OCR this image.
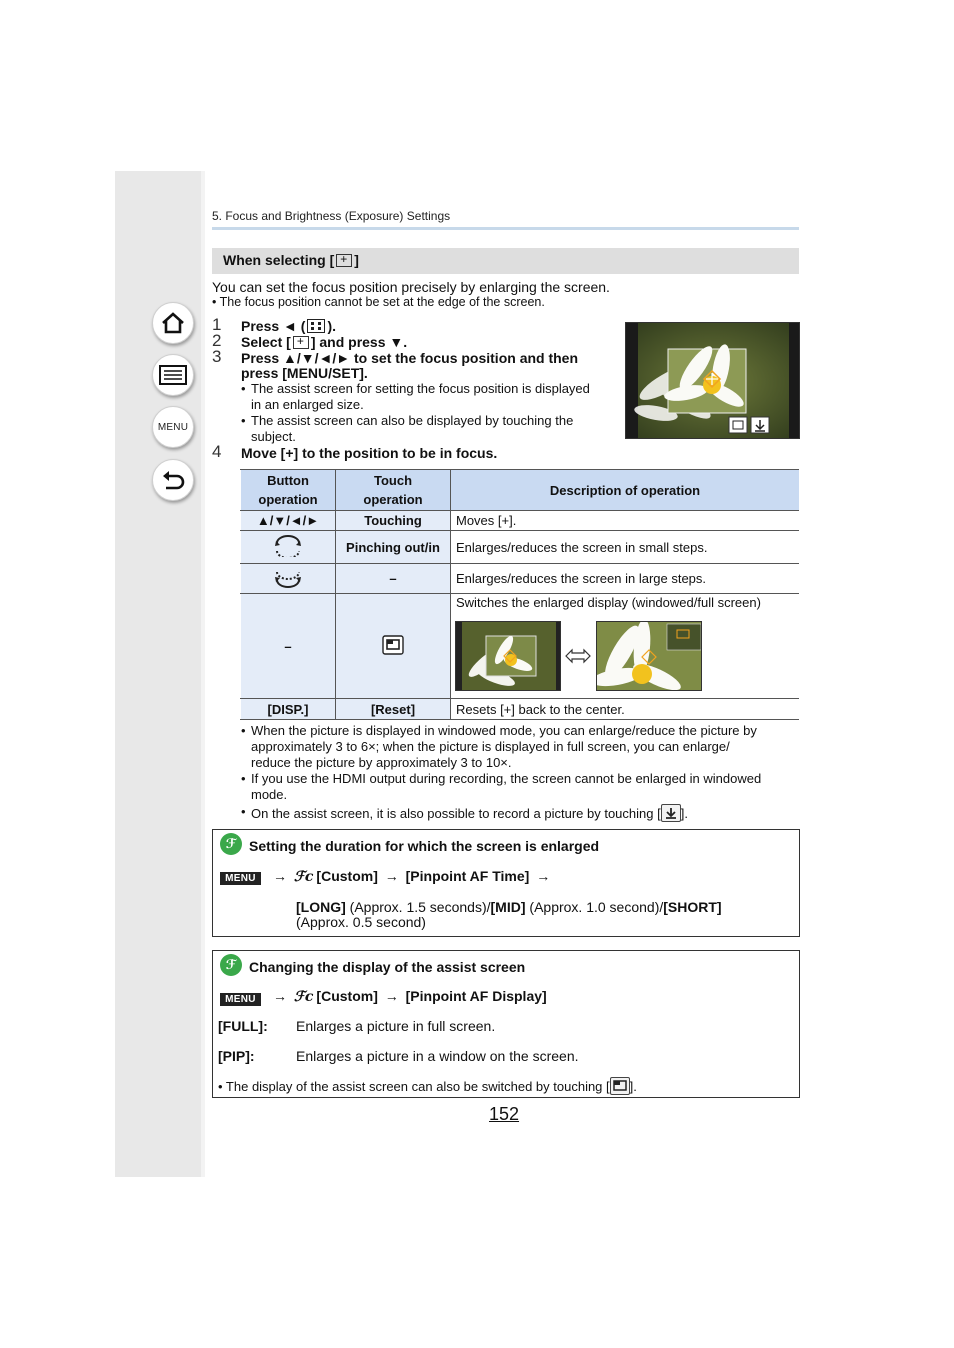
MENU
5. Focus and Brightness (Exposure) Settings
When selecting [ + ]
You can set the focus position precisely by enlarging the screen.
• The focus position cannot be set at the edge of the screen.
1 Press ◄ ( ).
2 Select [ + ] and press ▼.
3 Press ▲/▼/◄/► to set the focus position and then
press [MENU/SET].
• The assist screen for setting the focus position is displayed
in an enlarged size.
• The assist screen can also be displayed by touching the
subject.
4 Move [+] to the position to be in focus.
Button
operation	Touch
operation	Description of operation
▲/▼/◄/►	Touching	Moves [+].
	Pinching out/in	Enlarges/reduces the screen in small steps.
	–	Enlarges/reduces the screen in large steps.
–		Switches the enlarged display (windowed/full screen)
[DISP.]	[Reset]	Resets [+] back to the center.
• When the picture is displayed in windowed mode, you can enlarge/reduce the picture by
approximately 3 to 6×; when the picture is displayed in full screen, you can enlarge/
reduce the picture by approximately 3 to 10×.
• If you use the HDMI output during recording, the screen cannot be enlarged in windowed
mode.
• On the assist screen, it is also possible to record a picture by touching [ ].
ℱ Setting the duration for which the screen is enlarged
MENU	→ ℱc [Custom] → [Pinpoint AF Time] →
[LONG] (Approx. 1.5 seconds)/[MID] (Approx. 1.0 second)/[SHORT]
(Approx. 0.5 second)
ℱ Changing the display of the assist screen
MENU	→ ℱc [Custom] → [Pinpoint AF Display]
[FULL]: Enlarges a picture in full screen.
[PIP]:	Enlarges a picture in a window on the screen.
• The display of the assist screen can also be switched by touching [ ].
152
